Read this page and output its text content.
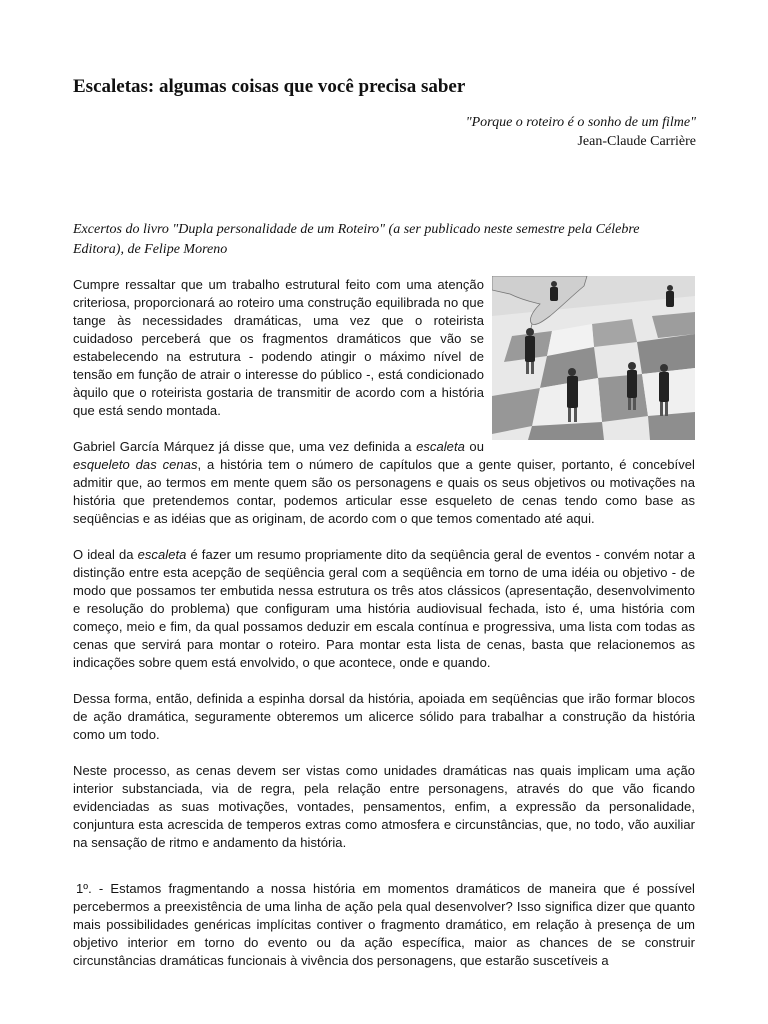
Escaletas: algumas coisas que você precisa saber
"Porque o roteiro é o sonho de um filme"
Jean-Claude Carrière

Excertos do livro "Dupla personalidade de um Roteiro" (a ser publicado neste semestre pela Célebre Editora), de Felipe Moreno

Cumpre ressaltar que um trabalho estrutural feito com uma atenção criteriosa, proporcionará ao roteiro uma construção equilibrada no que tange às necessidades dramáticas, uma vez que o roteirista cuidadoso perceberá que os fragmentos dramáticos que vão se estabelecendo na estrutura - podendo atingir o máximo nível de tensão em função de atrair o interesse do público -, está condicionado àquilo que o roteirista gostaria de transmitir de acordo com a história que está sendo montada.

Gabriel García Márquez já disse que, uma vez definida a escaleta ou esqueleto das cenas, a história tem o número de capítulos que a gente quiser, portanto, é concebível admitir que, ao termos em mente quem são os personagens e quais os seus objetivos ou motivações na história que pretendemos contar, podemos articular esse esqueleto de cenas tendo como base as seqüências e as idéias que as originam, de acordo com o que temos comentado até aqui.

O ideal da escaleta é fazer um resumo propriamente dito da seqüência geral de eventos - convém notar a distinção entre esta acepção de seqüência geral com a seqüência em torno de uma idéia ou objetivo - de modo que possamos ter embutida nessa estrutura os três atos clássicos (apresentação, desenvolvimento e resolução do problema) que configuram uma história audiovisual fechada, isto é, uma história com começo, meio e fim, da qual possamos deduzir em escala contínua e progressiva, uma lista com todas as cenas que servirá para montar o roteiro. Para montar esta lista de cenas, basta que relacionemos as indicações sobre quem está envolvido, o que acontece, onde e quando.

Dessa forma, então, definida a espinha dorsal da história, apoiada em seqüências que irão formar blocos de ação dramática, seguramente obteremos um alicerce sólido para trabalhar a construção da história como um todo.

Neste processo, as cenas devem ser vistas como unidades dramáticas nas quais implicam uma ação interior substanciada, via de regra, pela relação entre personagens, através do que vão ficando evidenciadas as suas motivações, vontades, pensamentos, enfim, a expressão da personalidade, conjuntura esta acrescida de temperos extras como atmosfera e circunstâncias, que, no todo, vão auxiliar na sensação de ritmo e andamento da história.

1º. - Estamos fragmentando a nossa história em momentos dramáticos de maneira que é possível percebermos a preexistência de uma linha de ação pela qual desenvolver? Isso significa dizer que quanto mais possibilidades genéricas implícitas contiver o fragmento dramático, em relação à presença de um objetivo interior em torno do evento ou da ação específica, maior as chances de se construir circunstâncias dramáticas funcionais à vivência dos personagens, que estarão suscetíveis a
